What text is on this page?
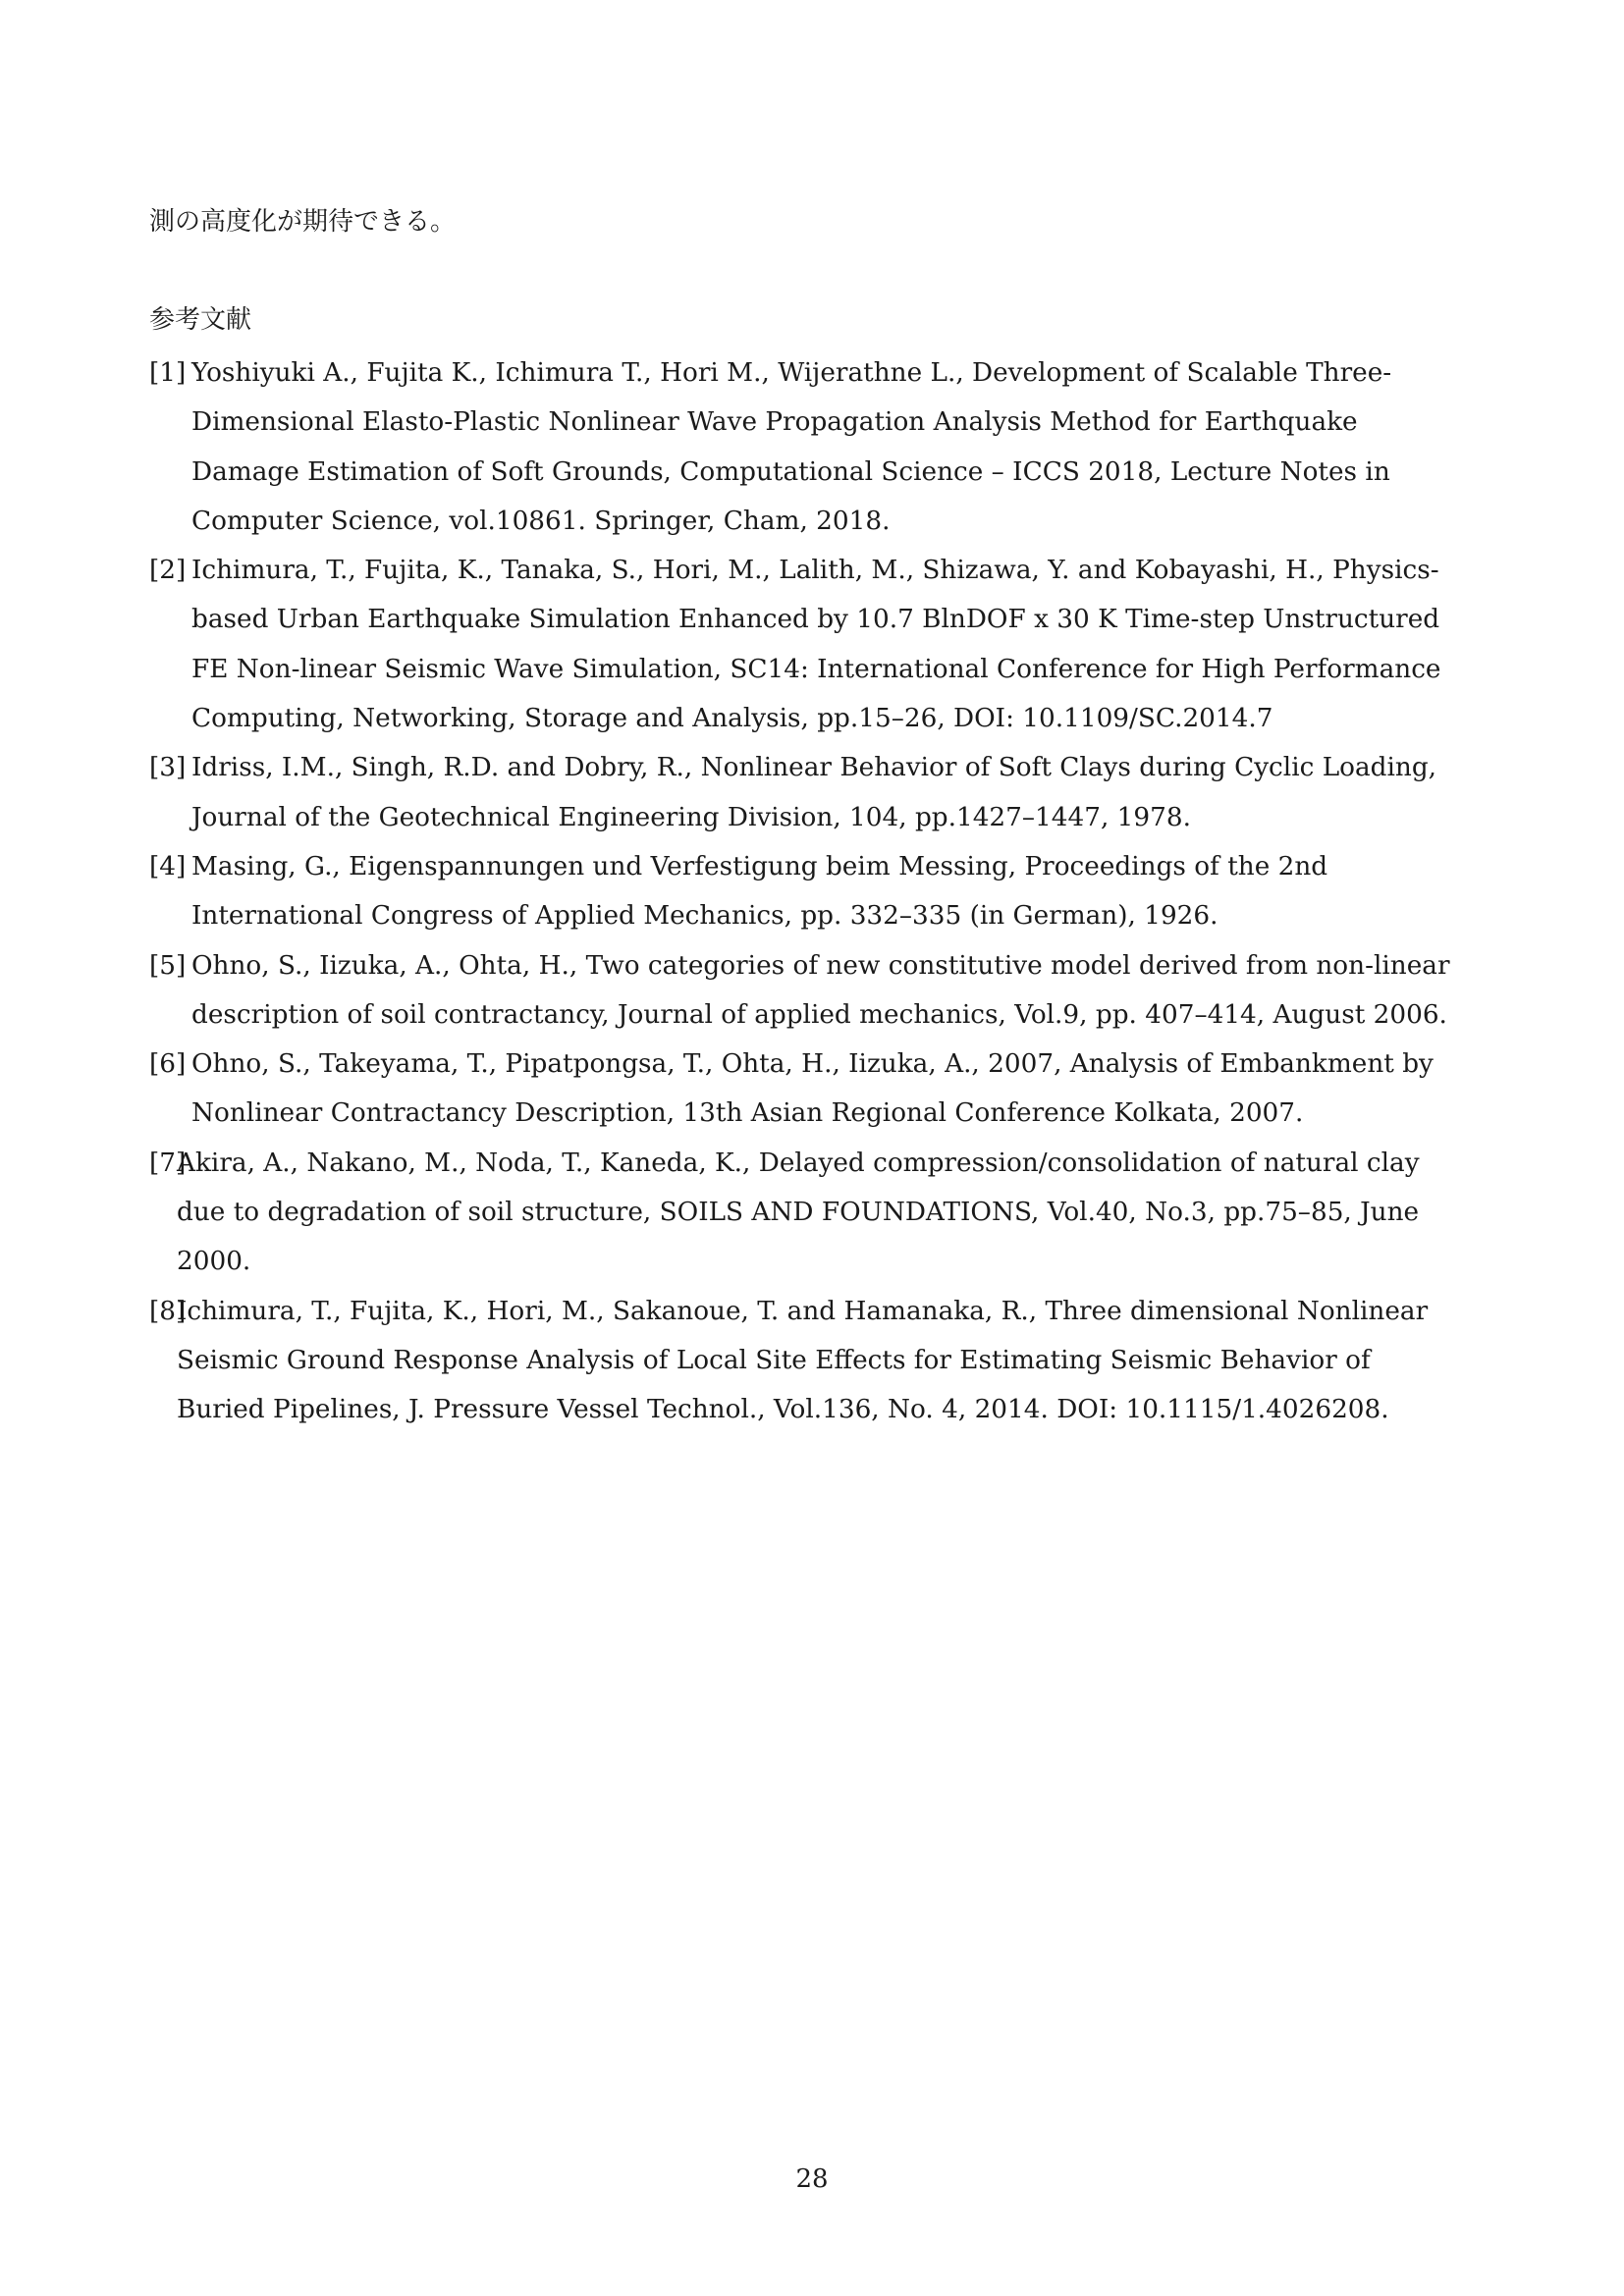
測の高度化が期待できる。
参考文献
[1] Yoshiyuki A., Fujita K., Ichimura T., Hori M., Wijerathne L., Development of Scalable Three-
Dimensional Elasto-Plastic Nonlinear Wave Propagation Analysis Method for Earthquake
Damage Estimation of Soft Grounds, Computational Science – ICCS 2018, Lecture Notes in
Computer Science, vol.10861. Springer, Cham, 2018.
[2] Ichimura, T., Fujita, K., Tanaka, S., Hori, M., Lalith, M., Shizawa, Y. and Kobayashi, H., Physics-
based Urban Earthquake Simulation Enhanced by 10.7 BlnDOF x 30 K Time-step Unstructured
FE Non-linear Seismic Wave Simulation, SC14: International Conference for High Performance
Computing, Networking, Storage and Analysis, pp.15–26, DOI: 10.1109/SC.2014.7
[3] Idriss, I.M., Singh, R.D. and Dobry, R., Nonlinear Behavior of Soft Clays during Cyclic Loading,
Journal of the Geotechnical Engineering Division, 104, pp.1427–1447, 1978.
[4] Masing, G., Eigenspannungen und Verfestigung beim Messing, Proceedings of the 2nd
International Congress of Applied Mechanics, pp. 332–335 (in German), 1926.
[5] Ohno, S., Iizuka, A., Ohta, H., Two categories of new constitutive model derived from non-linear
description of soil contractancy, Journal of applied mechanics, Vol.9, pp. 407–414, August 2006.
[6] Ohno, S., Takeyama, T., Pipatpongsa, T., Ohta, H., Iizuka, A., 2007, Analysis of Embankment by
Nonlinear Contractancy Description, 13th Asian Regional Conference Kolkata, 2007.
[7]
Akira, A., Nakano, M., Noda, T., Kaneda, K., Delayed compression/consolidation of natural clay
due to degradation of soil structure, SOILS AND FOUNDATIONS, Vol.40, No.3, pp.75–85, June
2000.
[8]
Ichimura, T., Fujita, K., Hori, M., Sakanoue, T. and Hamanaka, R., Three dimensional Nonlinear
Seismic Ground Response Analysis of Local Site Effects for Estimating Seismic Behavior of
Buried Pipelines, J. Pressure Vessel Technol., Vol.136, No. 4, 2014. DOI: 10.1115/1.4026208.
28
